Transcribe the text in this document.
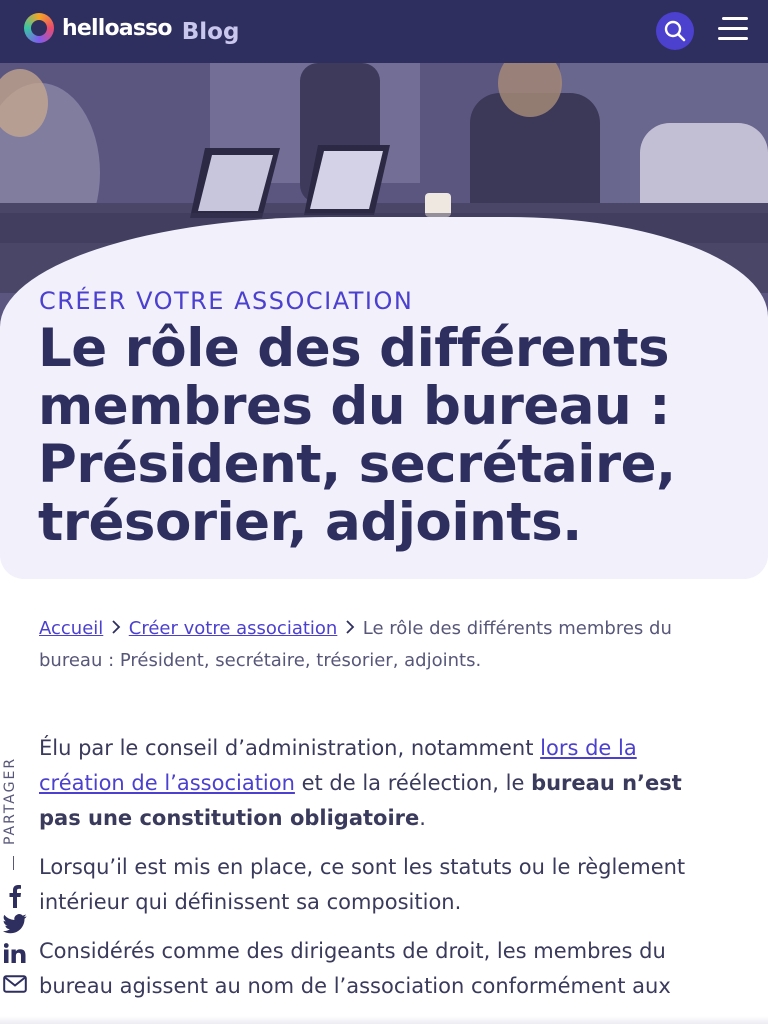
helloasso Blog
CRÉER VOTRE ASSOCIATION
Le rôle des différents membres du bureau : Président, secrétaire, trésorier, adjoints.
Accueil Créer votre association Le rôle des différents membres du bureau : Président, secrétaire, trésorier, adjoints.
PARTAGER

Élu par le conseil d’administration, notamment lors de la création de l’association et de la réélection, le bureau n’est pas une constitution obligatoire.

Lorsqu’il est mis en place, ce sont les statuts ou le règlement intérieur qui définissent sa composition.

Considérés comme des dirigeants de droit, les membres du bureau agissent au nom de l’association conformément aux
